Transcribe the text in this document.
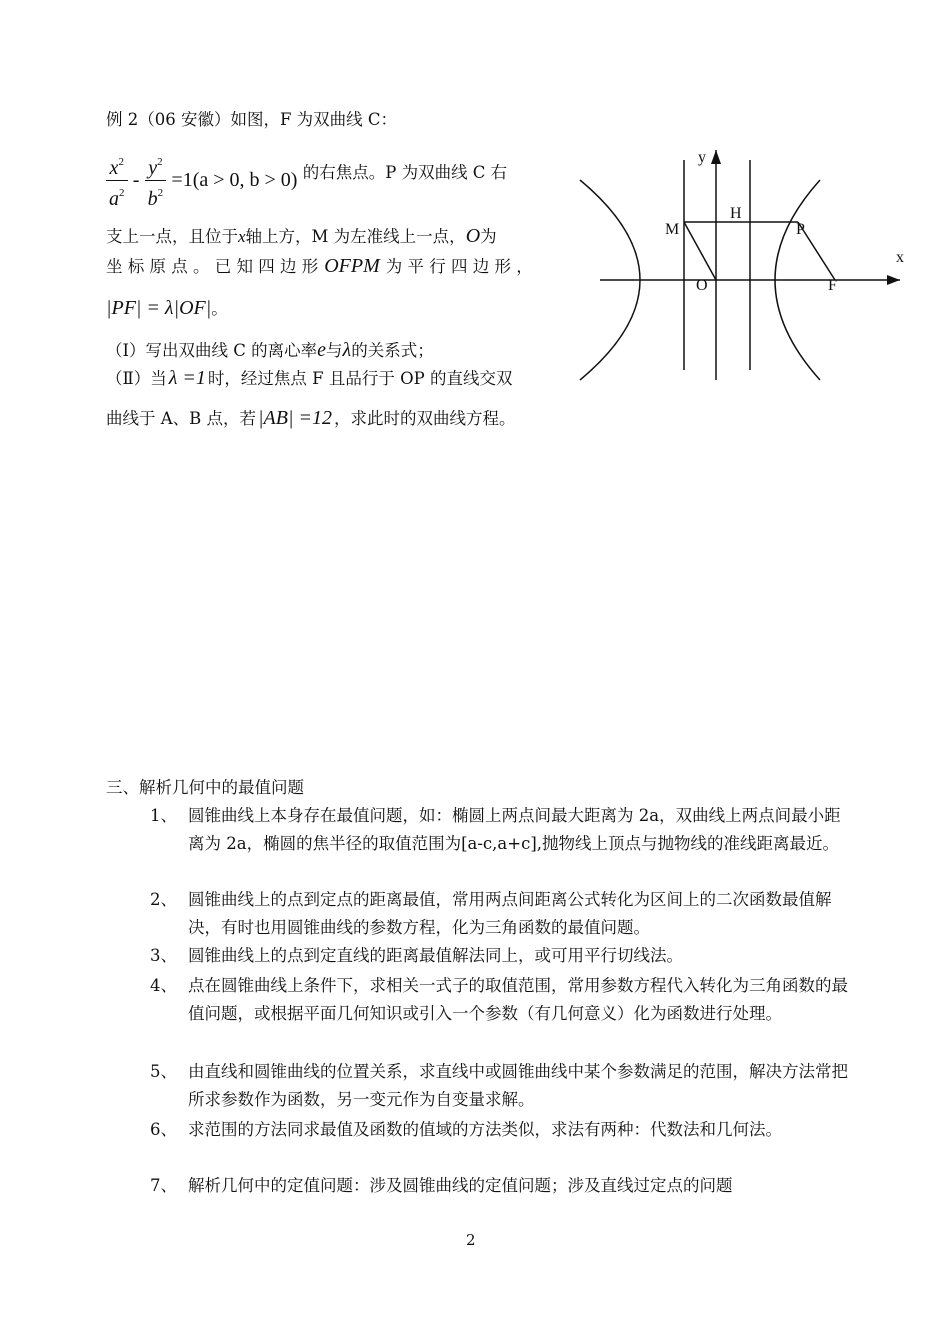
例 2（06 安徽）如图，F 为双曲线 C：
$\frac{x^2}{a^2} - \frac{y^2}{b^2} =1(a > 0$, b > 0) 的右焦点。P 为双曲线 C 右
支上一点，且位于x轴上方，M 为左准线上一点，O为
坐 标 原 点 。 已 知 四 边 形 OFPM 为 平 行 四 边 形 ，
|PF| = λ|OF|。
（Ⅰ）写出双曲线 C 的离心率e与λ的关系式；
（Ⅱ）当 λ =1 时，经过焦点 F 且品行于 OP 的直线交双
曲线于 A、B 点，若 |AB| =12 ，求此时的双曲线方程。
y
x
M
H
P
O	F
三、解析几何中的最值问题
1、 圆锥曲线上本身存在最值问题，如：椭圆上两点间最大距离为 2a，双曲线上两点间最小距离为 2a，椭圆的焦半径的取值范围为[a-c,a+c],抛物线上顶点与抛物线的准线距离最近。
2、 圆锥曲线上的点到定点的距离最值，常用两点间距离公式转化为区间上的二次函数最值解决，有时也用圆锥曲线的参数方程，化为三角函数的最值问题。
3、 圆锥曲线上的点到定直线的距离最值解法同上，或可用平行切线法。
4、 点在圆锥曲线上条件下，求相关一式子的取值范围，常用参数方程代入转化为三角函数的最值问题，或根据平面几何知识或引入一个参数（有几何意义）化为函数进行处理。
5、 由直线和圆锥曲线的位置关系，求直线中或圆锥曲线中某个参数满足的范围，解决方法常把所求参数作为函数，另一变元作为自变量求解。
6、 求范围的方法同求最值及函数的值域的方法类似，求法有两种：代数法和几何法。
7、 解析几何中的定值问题：涉及圆锥曲线的定值问题；涉及直线过定点的问题
2
